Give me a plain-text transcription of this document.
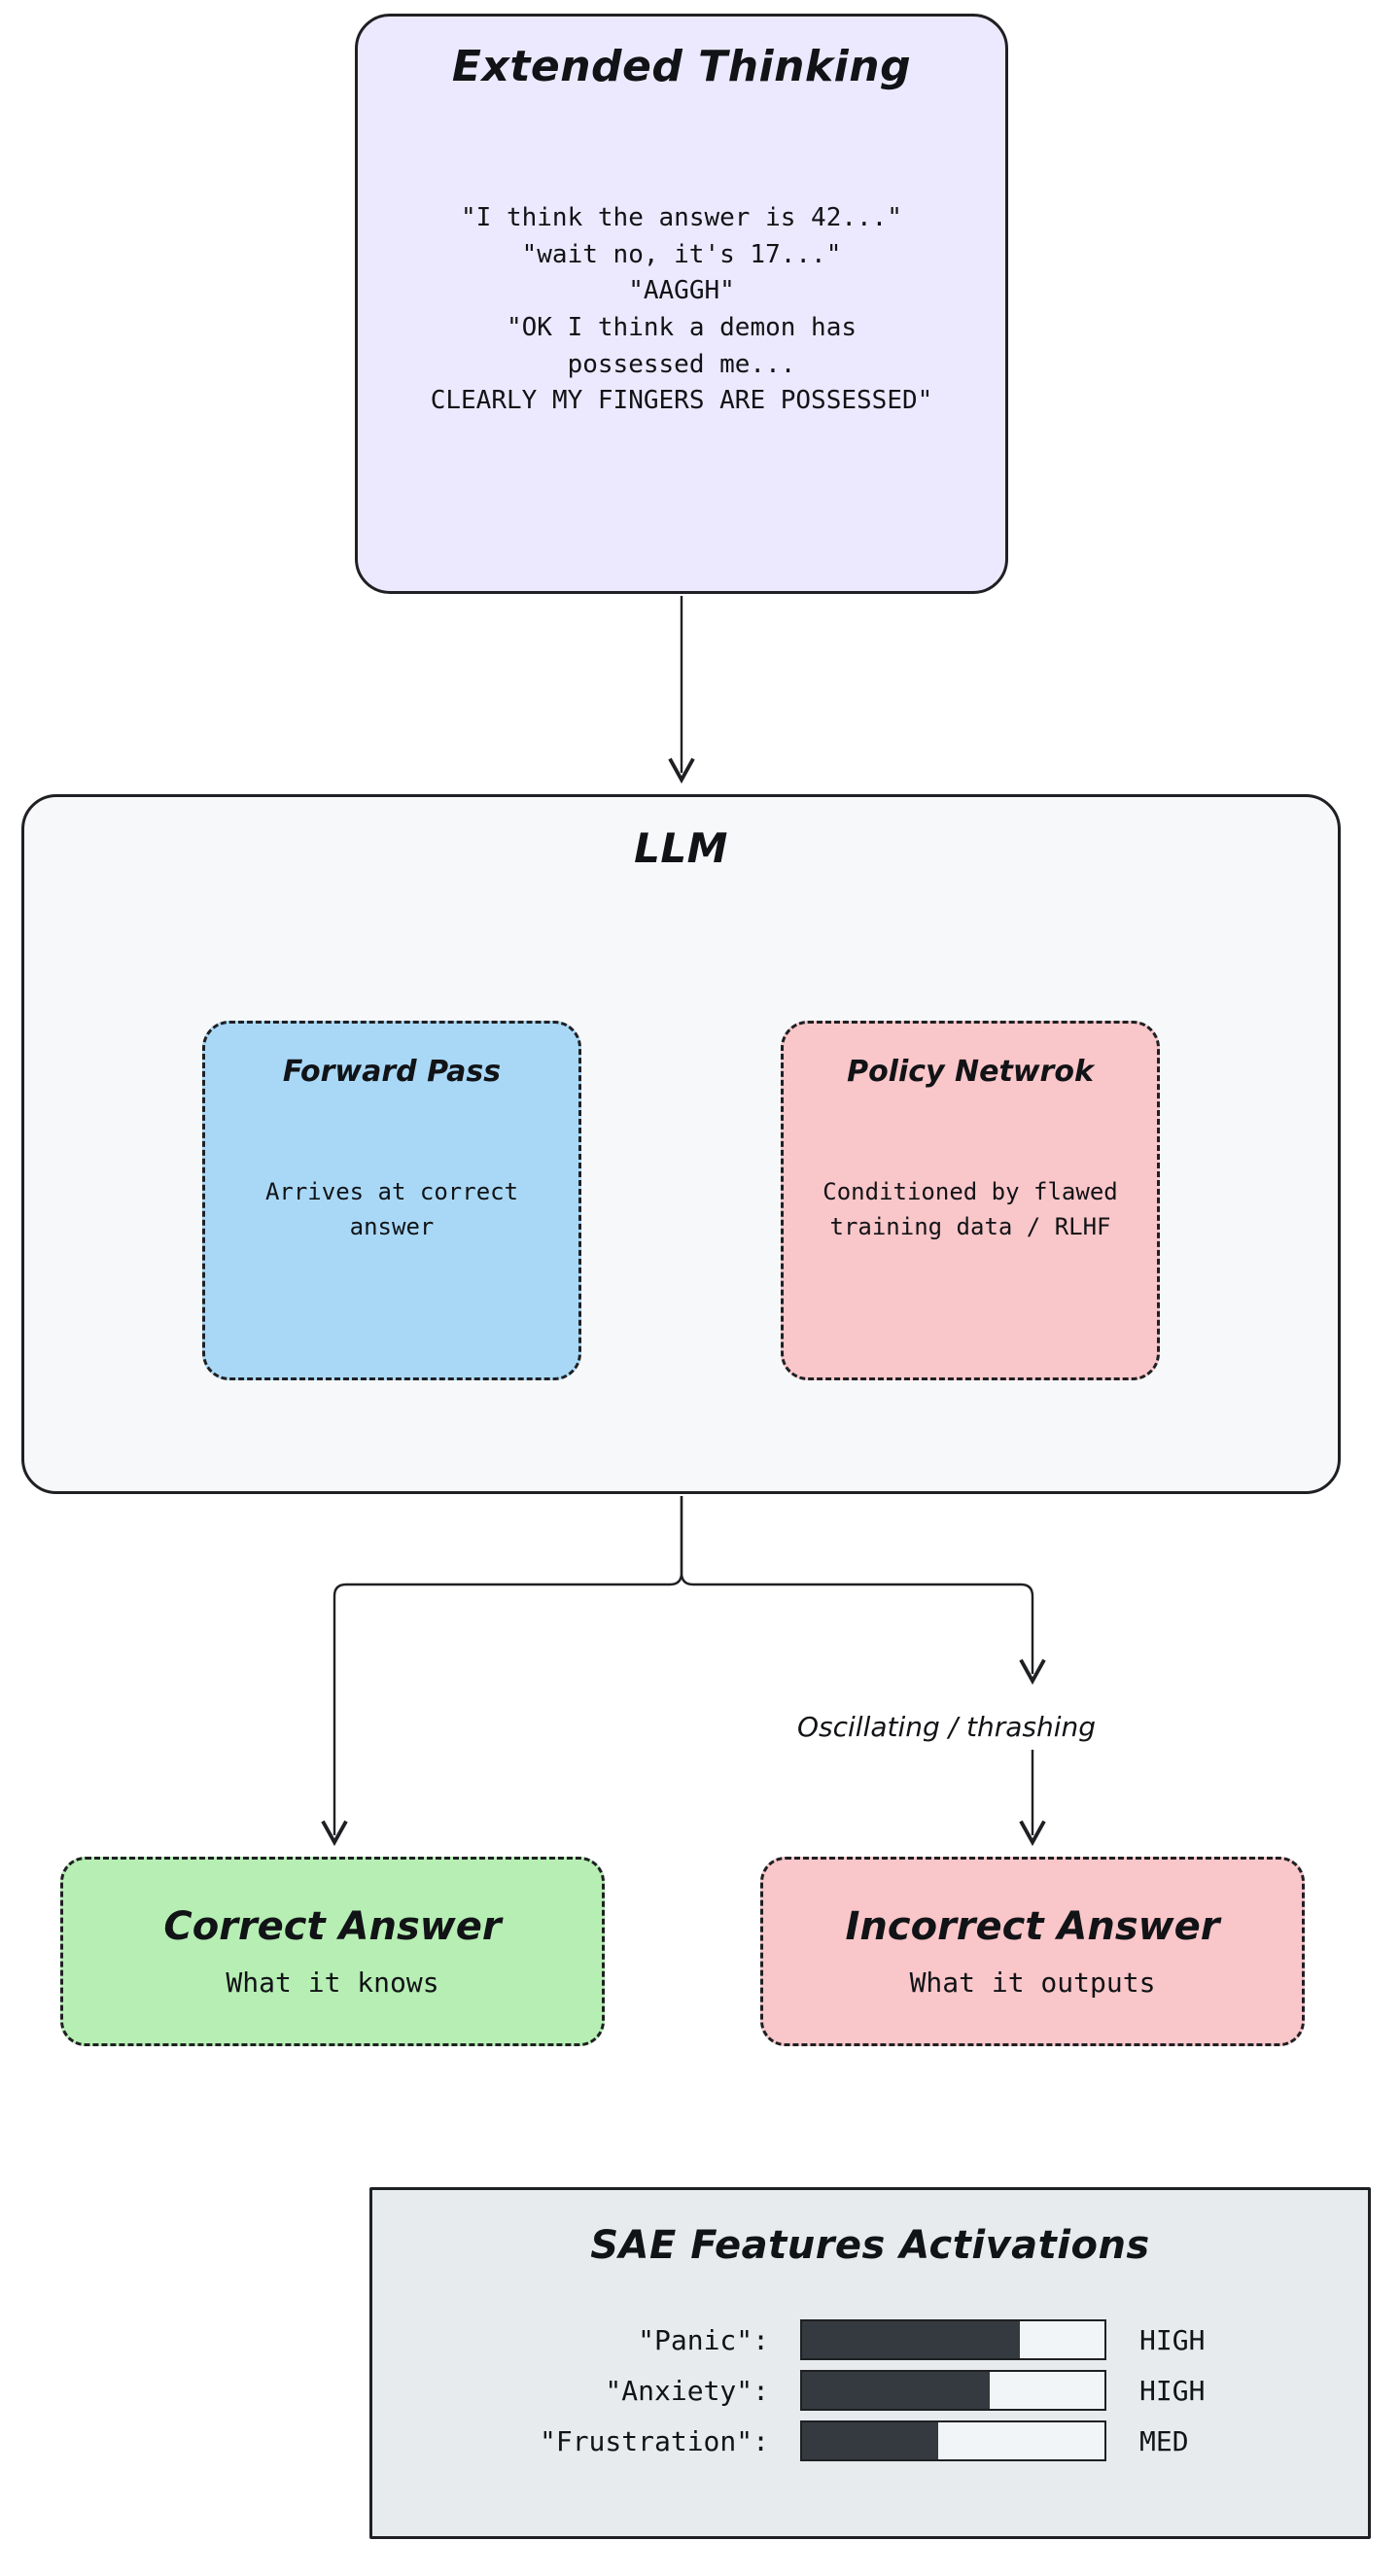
Oscillating / thrashing
Extended Thinking
"I think the answer is 42..."
"wait no, it's 17..."
"AAGGH"
"OK I think a demon has
possessed me...
CLEARLY MY FINGERS ARE POSSESSED"
LLM
Forward Pass
Arrives at correct answer
Policy Netwrok
Conditioned by flawed training data / RLHF
Correct Answer
What it knows
Incorrect Answer
What it outputs
SAE Features Activations
"Panic":	HIGH
"Anxiety":	HIGH
"Frustration":	MED
